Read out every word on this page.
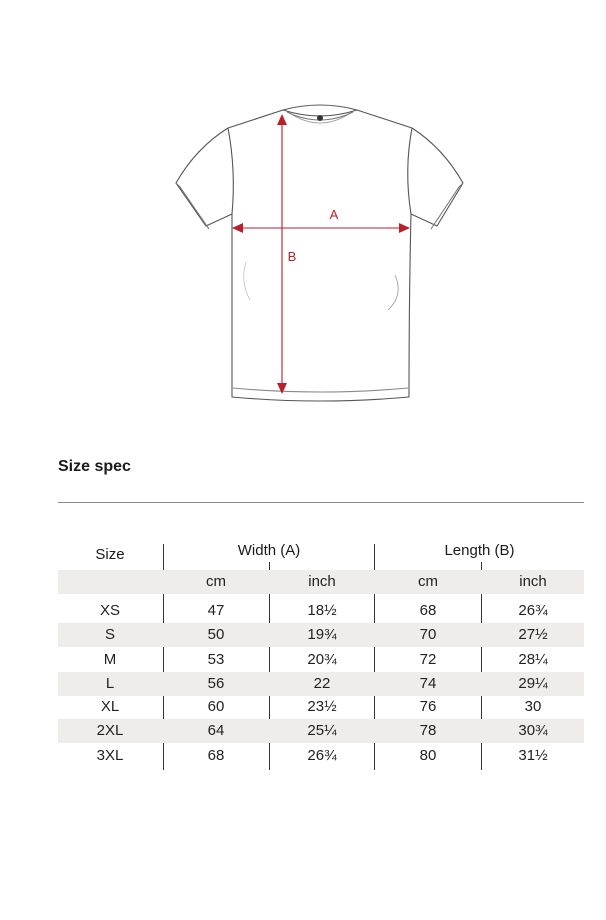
A
B
Size spec
Size	Width (A)	Length (B)
cm	inch	cm	inch
XS	47	18½	68	26¾
S	50	19¾	70	27½
M	53	20¾	72	28¼
L	56	22	74	29¼
XL	60	23½	76	30
2XL	64	25¼	78	30¾
3XL	68	26¾	80	31½
